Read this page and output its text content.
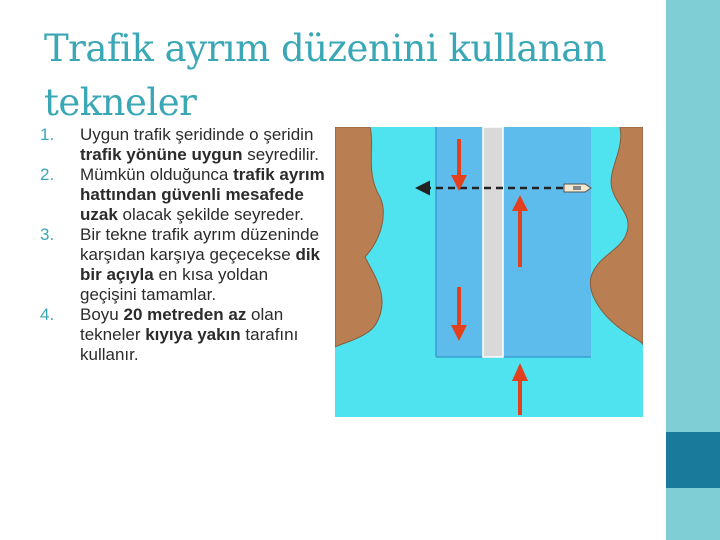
Trafik ayrım düzenini kullanan
tekneler
1. Uygun trafik şeridinde o şeridin trafik yönüne uygun seyredilir.
2. Mümkün olduğunca trafik ayrım hattından güvenli mesafede uzak olacak şekilde seyreder.
3. Bir tekne trafik ayrım düzeninde karşıdan karşıya geçecekse dik bir açıyla en kısa yoldan geçişini tamamlar.
4. Boyu 20 metreden az olan tekneler kıyıya yakın tarafını kullanır.
